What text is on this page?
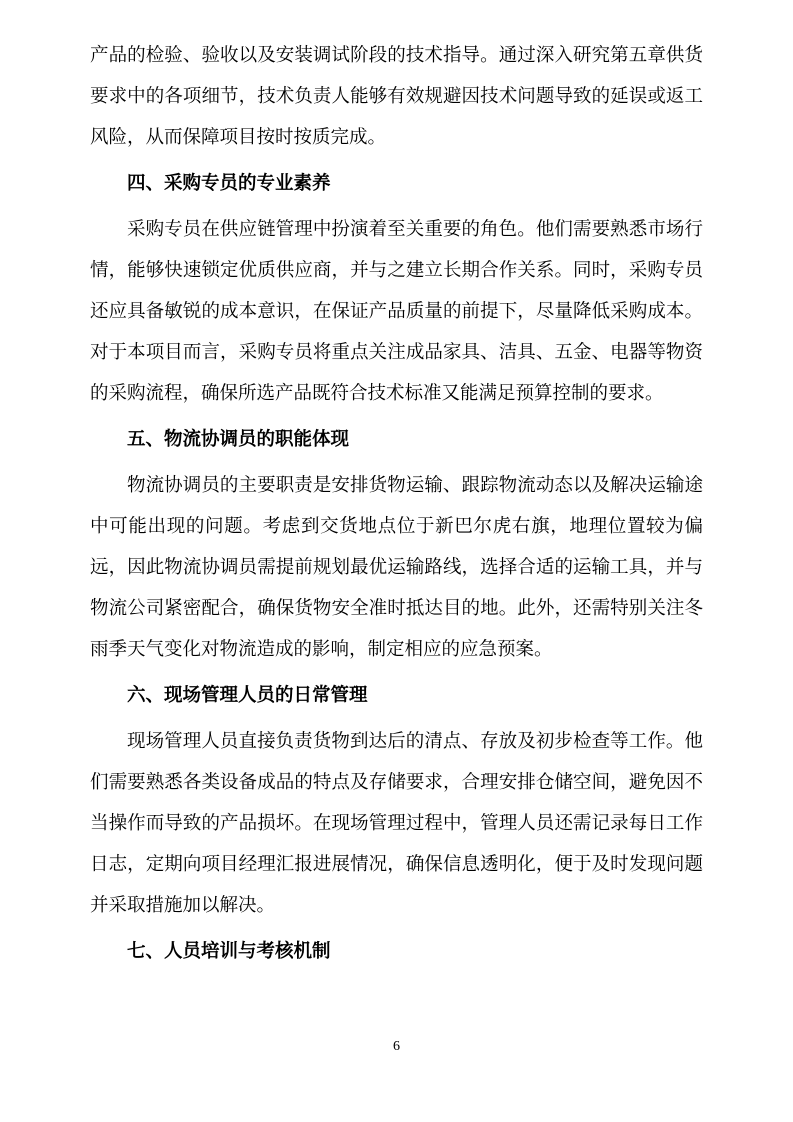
产品的检验、验收以及安装调试阶段的技术指导。通过深入研究第五章供货要求中的各项细节，技术负责人能够有效规避因技术问题导致的延误或返工风险，从而保障项目按时按质完成。

四、采购专员的专业素养

采购专员在供应链管理中扮演着至关重要的角色。他们需要熟悉市场行情，能够快速锁定优质供应商，并与之建立长期合作关系。同时，采购专员还应具备敏锐的成本意识，在保证产品质量的前提下，尽量降低采购成本。对于本项目而言，采购专员将重点关注成品家具、洁具、五金、电器等物资的采购流程，确保所选产品既符合技术标准又能满足预算控制的要求。

五、物流协调员的职能体现

物流协调员的主要职责是安排货物运输、跟踪物流动态以及解决运输途中可能出现的问题。考虑到交货地点位于新巴尔虎右旗，地理位置较为偏远，因此物流协调员需提前规划最优运输路线，选择合适的运输工具，并与物流公司紧密配合，确保货物安全准时抵达目的地。此外，还需特别关注冬雨季天气变化对物流造成的影响，制定相应的应急预案。

六、现场管理人员的日常管理

现场管理人员直接负责货物到达后的清点、存放及初步检查等工作。他们需要熟悉各类设备成品的特点及存储要求，合理安排仓储空间，避免因不当操作而导致的产品损坏。在现场管理过程中，管理人员还需记录每日工作日志，定期向项目经理汇报进展情况，确保信息透明化，便于及时发现问题并采取措施加以解决。

七、人员培训与考核机制

6
